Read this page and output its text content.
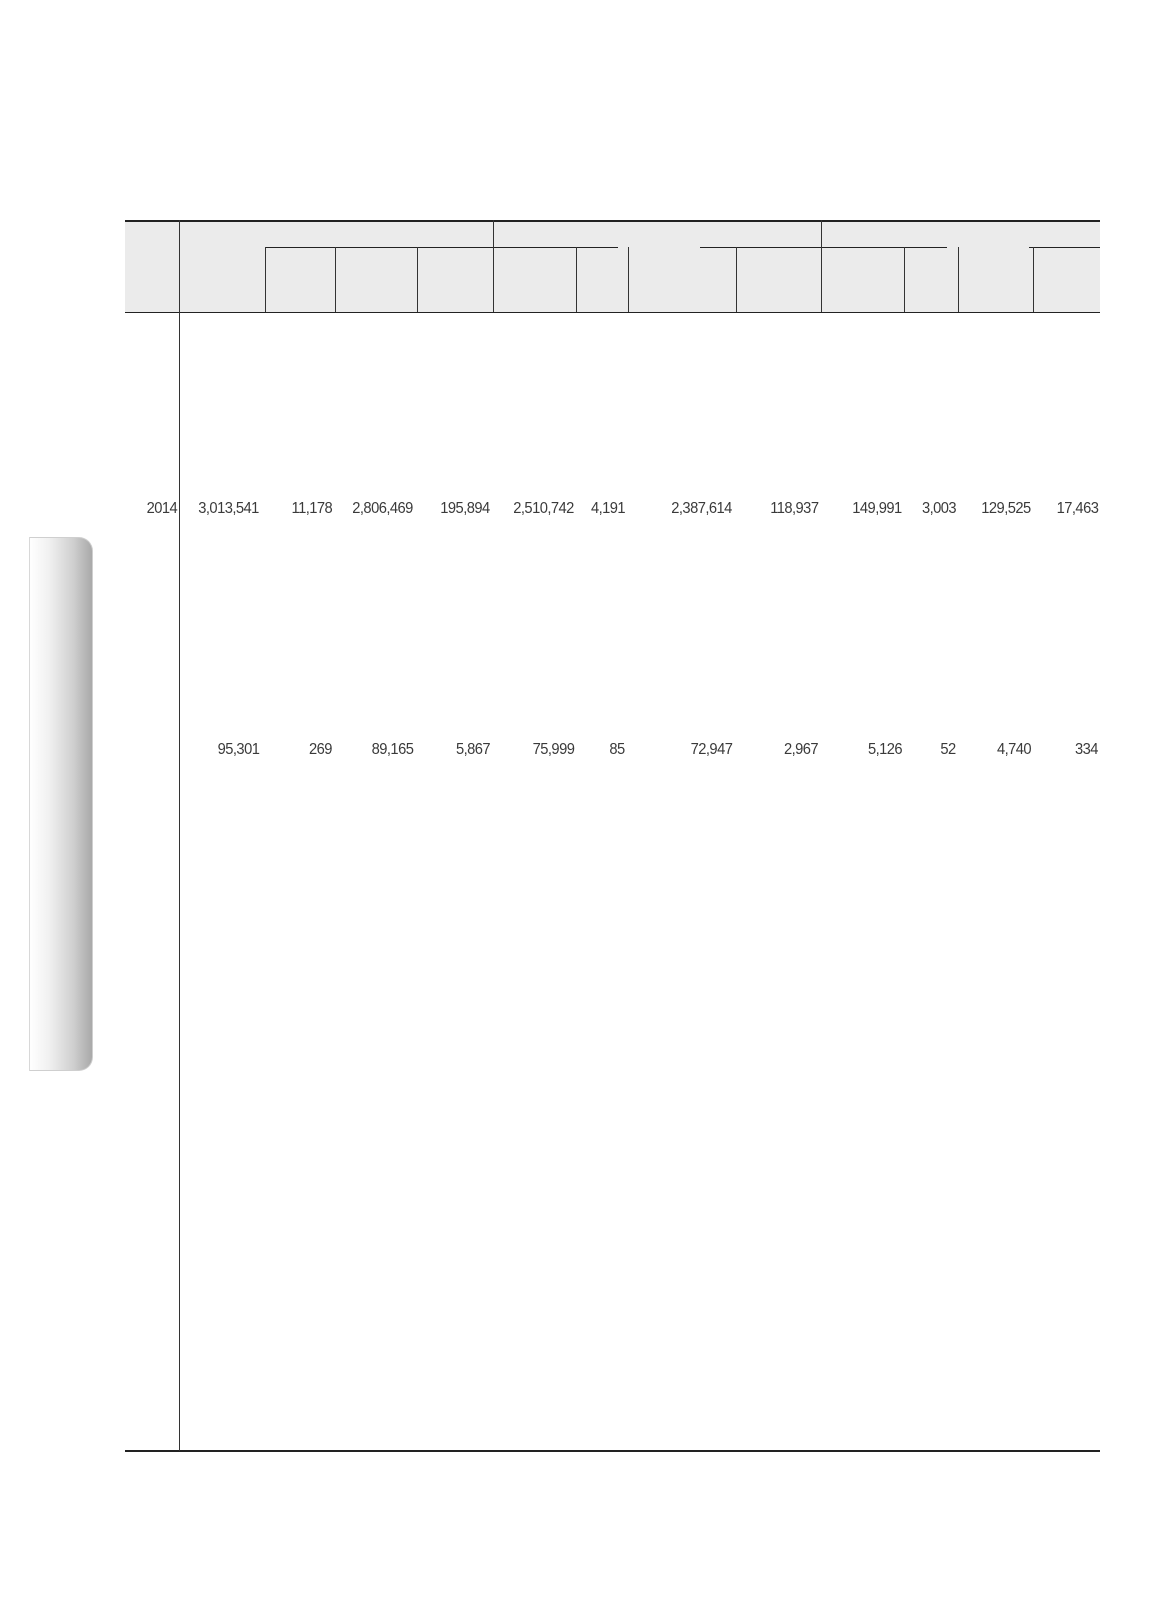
2014 3,013,541 11,178 2,806,469 195,894 2,510,742 4,191	2,387,614 118,937 149,991 3,003 129,525 17,463
95,301	269 89,165	5,867	75,999 85	72,947	2,967	5,126 52	4,740	334
